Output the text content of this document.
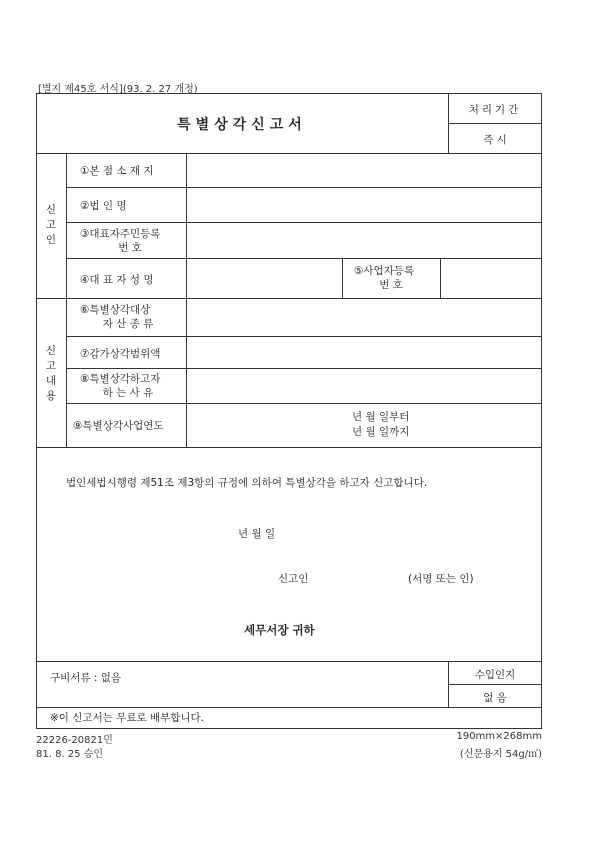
[별지 제45호 서식](93. 2. 27 개정)
특별상각신고서
처리기간
즉 시
신고인
①본 점 소 재 지
②법 인 명
③대표자주민등록
번 호
④대 표 자 성 명
⑤사업자등록
번 호
신고내용
⑥특별상각대상
자 산 종 류
⑦감가상각범위액
⑧특별상각하고자
하 는 사 유
⑨특별상각사업연도
년 월 일부터
년 월 일까지
법인세법시행령 제51조 제3항의 규정에 의하여 특별상각을 하고자 신고합니다.
년 월 일
신고인	(서명 또는 인)
세무서장 귀하
구비서류 : 없음	수입인지
없 음
※이 신고서는 무료로 배부합니다.
22226-20821민
81. 8. 25 승인
190mm×268mm
(신문용지 54g/㎡)
